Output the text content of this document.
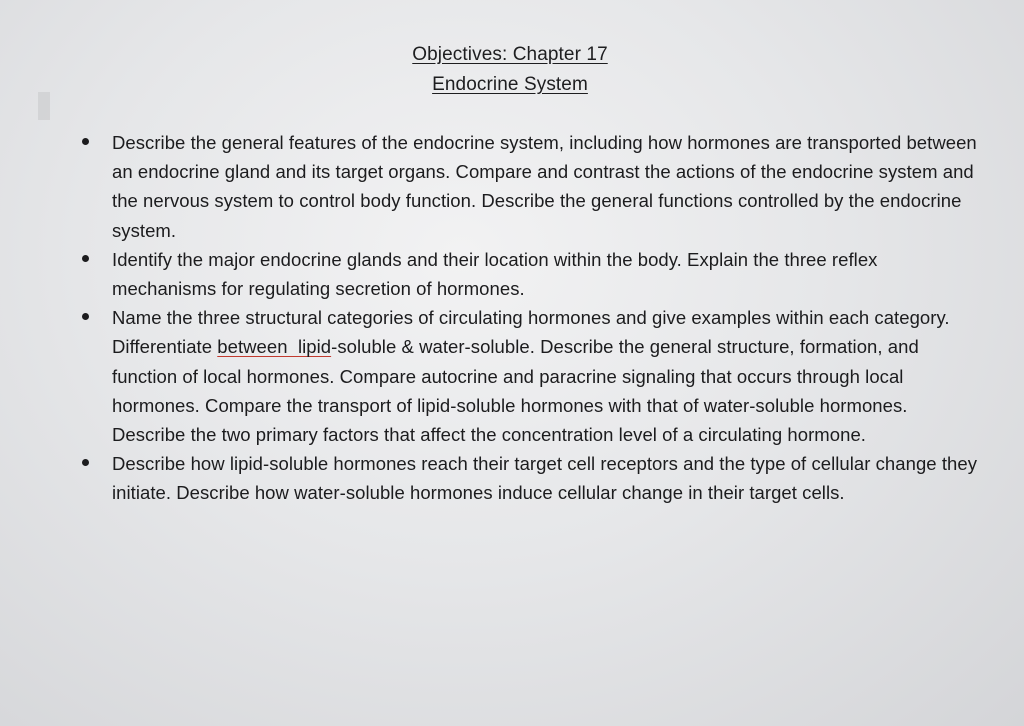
Objectives: Chapter 17
Endocrine System
Describe the general features of the endocrine system, including how hormones are transported between an endocrine gland and its target organs. Compare and contrast the actions of the endocrine system and the nervous system to control body function. Describe the general functions controlled by the endocrine system.
Identify the major endocrine glands and their location within the body. Explain the three reflex mechanisms for regulating secretion of hormones.
Name the three structural categories of circulating hormones and give examples within each category. Differentiate between  lipid-soluble & water-soluble. Describe the general structure, formation, and function of local hormones. Compare autocrine and paracrine signaling that occurs through local hormones. Compare the transport of lipid-soluble hormones with that of water-soluble hormones. Describe the two primary factors that affect the concentration level of a circulating hormone.
Describe how lipid-soluble hormones reach their target cell receptors and the type of cellular change they initiate. Describe how water-soluble hormones induce cellular change in their target cells.
